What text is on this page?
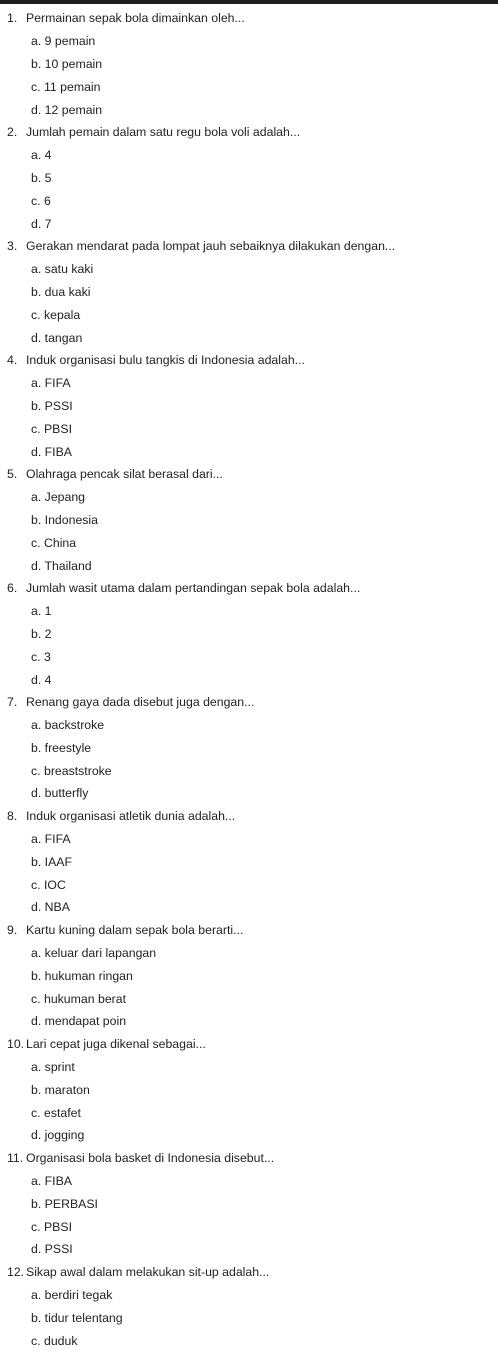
1. Permainan sepak bola dimainkan oleh...
a. 9 pemain
b. 10 pemain
c. 11 pemain
d. 12 pemain
2. Jumlah pemain dalam satu regu bola voli adalah...
a. 4
b. 5
c. 6
d. 7
3. Gerakan mendarat pada lompat jauh sebaiknya dilakukan dengan...
a. satu kaki
b. dua kaki
c. kepala
d. tangan
4. Induk organisasi bulu tangkis di Indonesia adalah...
a. FIFA
b. PSSI
c. PBSI
d. FIBA
5. Olahraga pencak silat berasal dari...
a. Jepang
b. Indonesia
c. China
d. Thailand
6. Jumlah wasit utama dalam pertandingan sepak bola adalah...
a. 1
b. 2
c. 3
d. 4
7. Renang gaya dada disebut juga dengan...
a. backstroke
b. freestyle
c. breaststroke
d. butterfly
8. Induk organisasi atletik dunia adalah...
a. FIFA
b. IAAF
c. IOC
d. NBA
9. Kartu kuning dalam sepak bola berarti...
a. keluar dari lapangan
b. hukuman ringan
c. hukuman berat
d. mendapat poin
10. Lari cepat juga dikenal sebagai...
a. sprint
b. maraton
c. estafet
d. jogging
11. Organisasi bola basket di Indonesia disebut...
a. FIBA
b. PERBASI
c. PBSI
d. PSSI
12. Sikap awal dalam melakukan sit-up adalah...
a. berdiri tegak
b. tidur telentang
c. duduk
